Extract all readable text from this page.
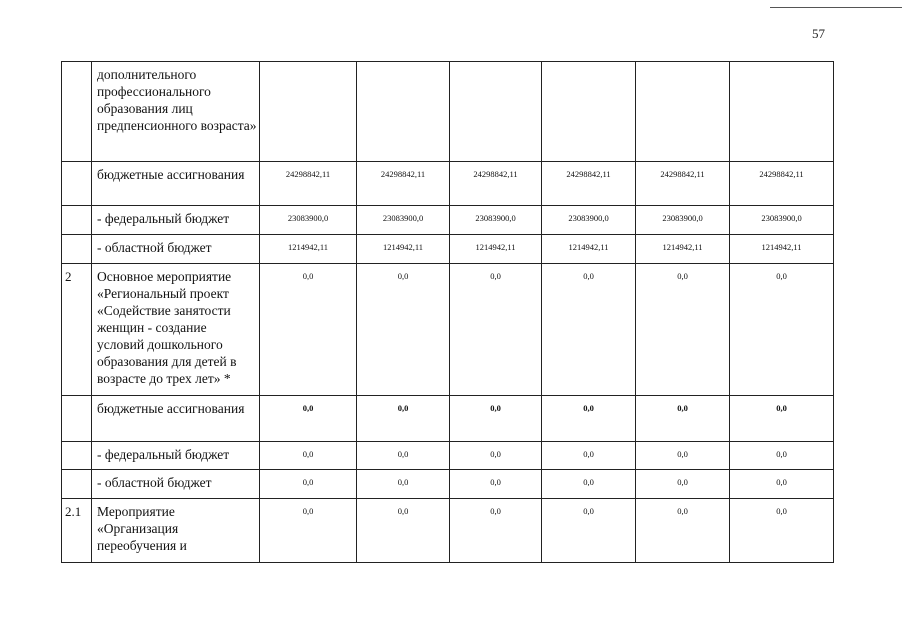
57
	дополнительного профессионального образования лиц предпенсионного возраста»						
	бюджетные ассигнования	24298842,11	24298842,11	24298842,11	24298842,11	24298842,11	24298842,11
	- федеральный бюджет	23083900,0	23083900,0	23083900,0	23083900,0	23083900,0	23083900,0
	- областной бюджет	1214942,11	1214942,11	1214942,11	1214942,11	1214942,11	1214942,11
2	Основное мероприятие «Региональный проект «Содействие занятости женщин - создание условий дошкольного образования для детей в возрасте до трех лет» *	0,0	0,0	0,0	0,0	0,0	0,0
	бюджетные ассигнования	0,0	0,0	0,0	0,0	0,0	0,0
	- федеральный бюджет	0,0	0,0	0,0	0,0	0,0	0,0
	- областной бюджет	0,0	0,0	0,0	0,0	0,0	0,0
2.1	Мероприятие «Организация переобучения и	0,0	0,0	0,0	0,0	0,0	0,0
